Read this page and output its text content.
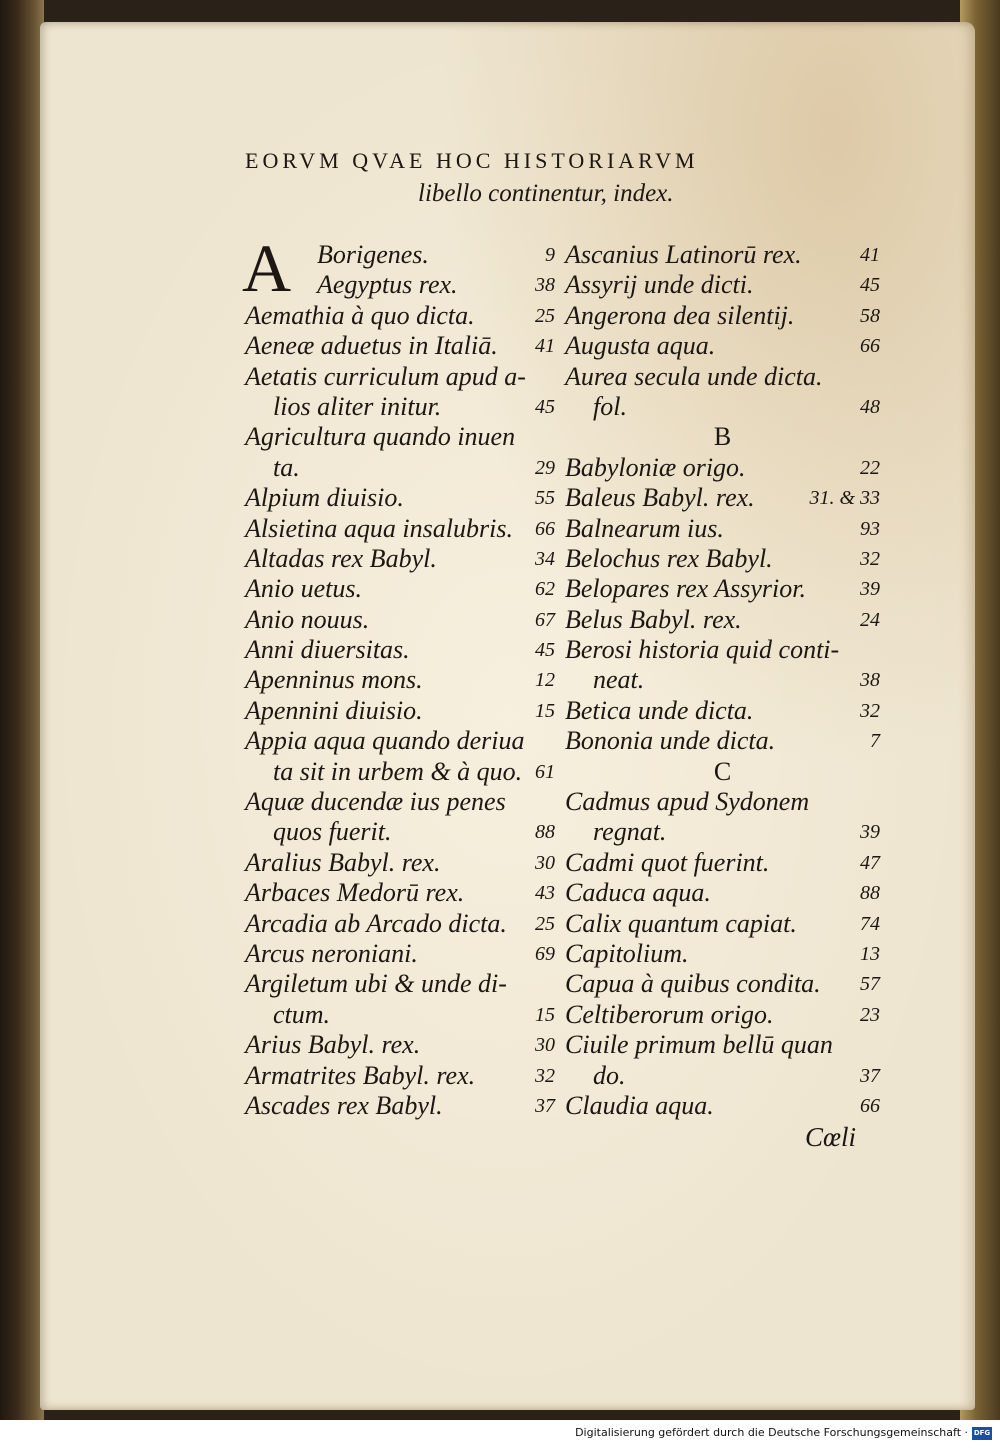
EORVM QVAE HOC HISTORIARVM
libello continentur, index.
A Borigenes.	9
Aegyptus rex.	38
Aemathia à quo dicta.	25
Aeneæ aduetus in Italiā. 41
Aetatis curriculum apud a-
lios aliter initur.	45
Agricultura quando inuen
ta.	29
Alpium diuisio.	55
Alsietina aqua insalubris. 66
Altadas rex Babyl.	34
Anio uetus.	62
Anio nouus.	67
Anni diuersitas.	45
Apenninus mons.	12
Apennini diuisio.	15
Appia aqua quando deriua
ta sit in urbem & à quo. 61
Aquæ ducendæ ius penes
quos fuerit.	88
Aralius Babyl. rex.	30
Arbaces Medorū rex.	43
Arcadia ab Arcado dicta. 25
Arcus neroniani.	69
Argiletum ubi & unde di-
ctum.	15
Arius Babyl. rex.	30
Armatrites Babyl. rex.	32
Ascades rex Babyl.	37
Ascanius Latinorū rex.	41
Assyrij unde dicti.	45
Angerona dea silentij.	58
Augusta aqua.	66
Aurea secula unde dicta.
fol.	48
B
Babyloniæ origo.	22
Baleus Babyl. rex.	31. & 33
Balnearum ius.	93
Belochus rex Babyl.	32
Belopares rex Assyrior.	39
Belus Babyl. rex.	24
Berosi historia quid conti-
neat.	38
Betica unde dicta.	32
Bononia unde dicta.	7
C
Cadmus apud Sydonem
regnat.	39
Cadmi quot fuerint.	47
Caduca aqua.	88
Calix quantum capiat.	74
Capitolium.	13
Capua à quibus condita. 57
Celtiberorum origo.	23
Ciuile primum bellū quan
do.	37
Claudia aqua.	66
Cœli
Digitalisierung gefördert durch die Deutsche Forschungsgemeinschaft · DFG
